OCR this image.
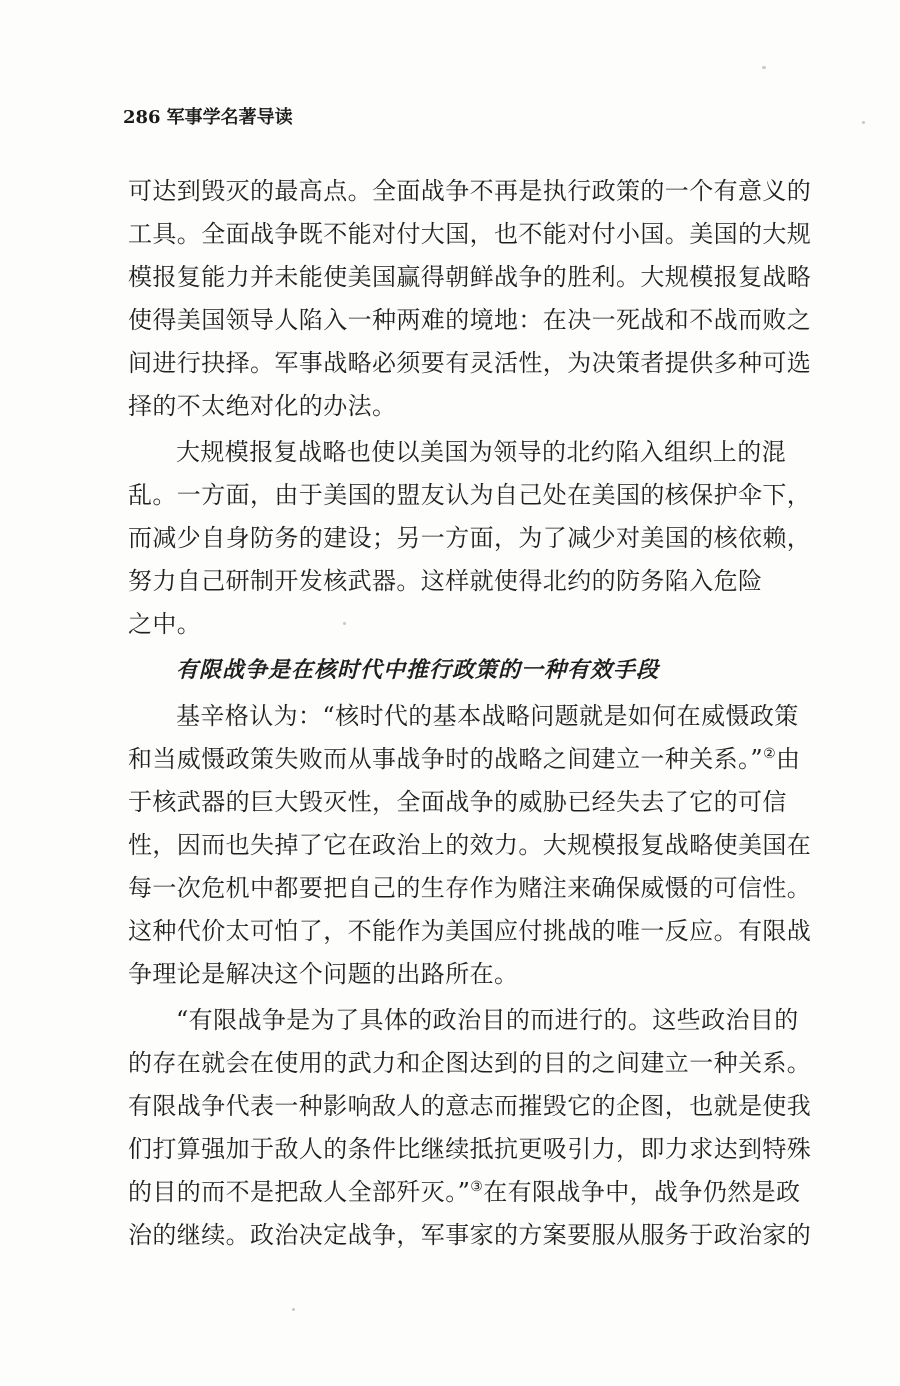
286 军事学名著导读
可达到毁灭的最高点。全面战争不再是执行政策的一个有意义的
工具。全面战争既不能对付大国，也不能对付小国。美国的大规
模报复能力并未能使美国赢得朝鲜战争的胜利。大规模报复战略
使得美国领导人陷入一种两难的境地：在决一死战和不战而败之
间进行抉择。军事战略必须要有灵活性，为决策者提供多种可选
择的不太绝对化的办法。
大规模报复战略也使以美国为领导的北约陷入组织上的混
乱。一方面，由于美国的盟友认为自己处在美国的核保护伞下，
而减少自身防务的建设；另一方面，为了减少对美国的核依赖，
努力自己研制开发核武器。这样就使得北约的防务陷入危险
之中。
有限战争是在核时代中推行政策的一种有效手段
基辛格认为：“核时代的基本战略问题就是如何在威慑政策
和当威慑政策失败而从事战争时的战略之间建立一种关系。”②由
于核武器的巨大毁灭性，全面战争的威胁已经失去了它的可信
性，因而也失掉了它在政治上的效力。大规模报复战略使美国在
每一次危机中都要把自己的生存作为赌注来确保威慑的可信性。
这种代价太可怕了，不能作为美国应付挑战的唯一反应。有限战
争理论是解决这个问题的出路所在。
“有限战争是为了具体的政治目的而进行的。这些政治目的
的存在就会在使用的武力和企图达到的目的之间建立一种关系。
有限战争代表一种影响敌人的意志而摧毁它的企图，也就是使我
们打算强加于敌人的条件比继续抵抗更吸引力，即力求达到特殊
的目的而不是把敌人全部歼灭。”③在有限战争中，战争仍然是政
治的继续。政治决定战争，军事家的方案要服从服务于政治家的
